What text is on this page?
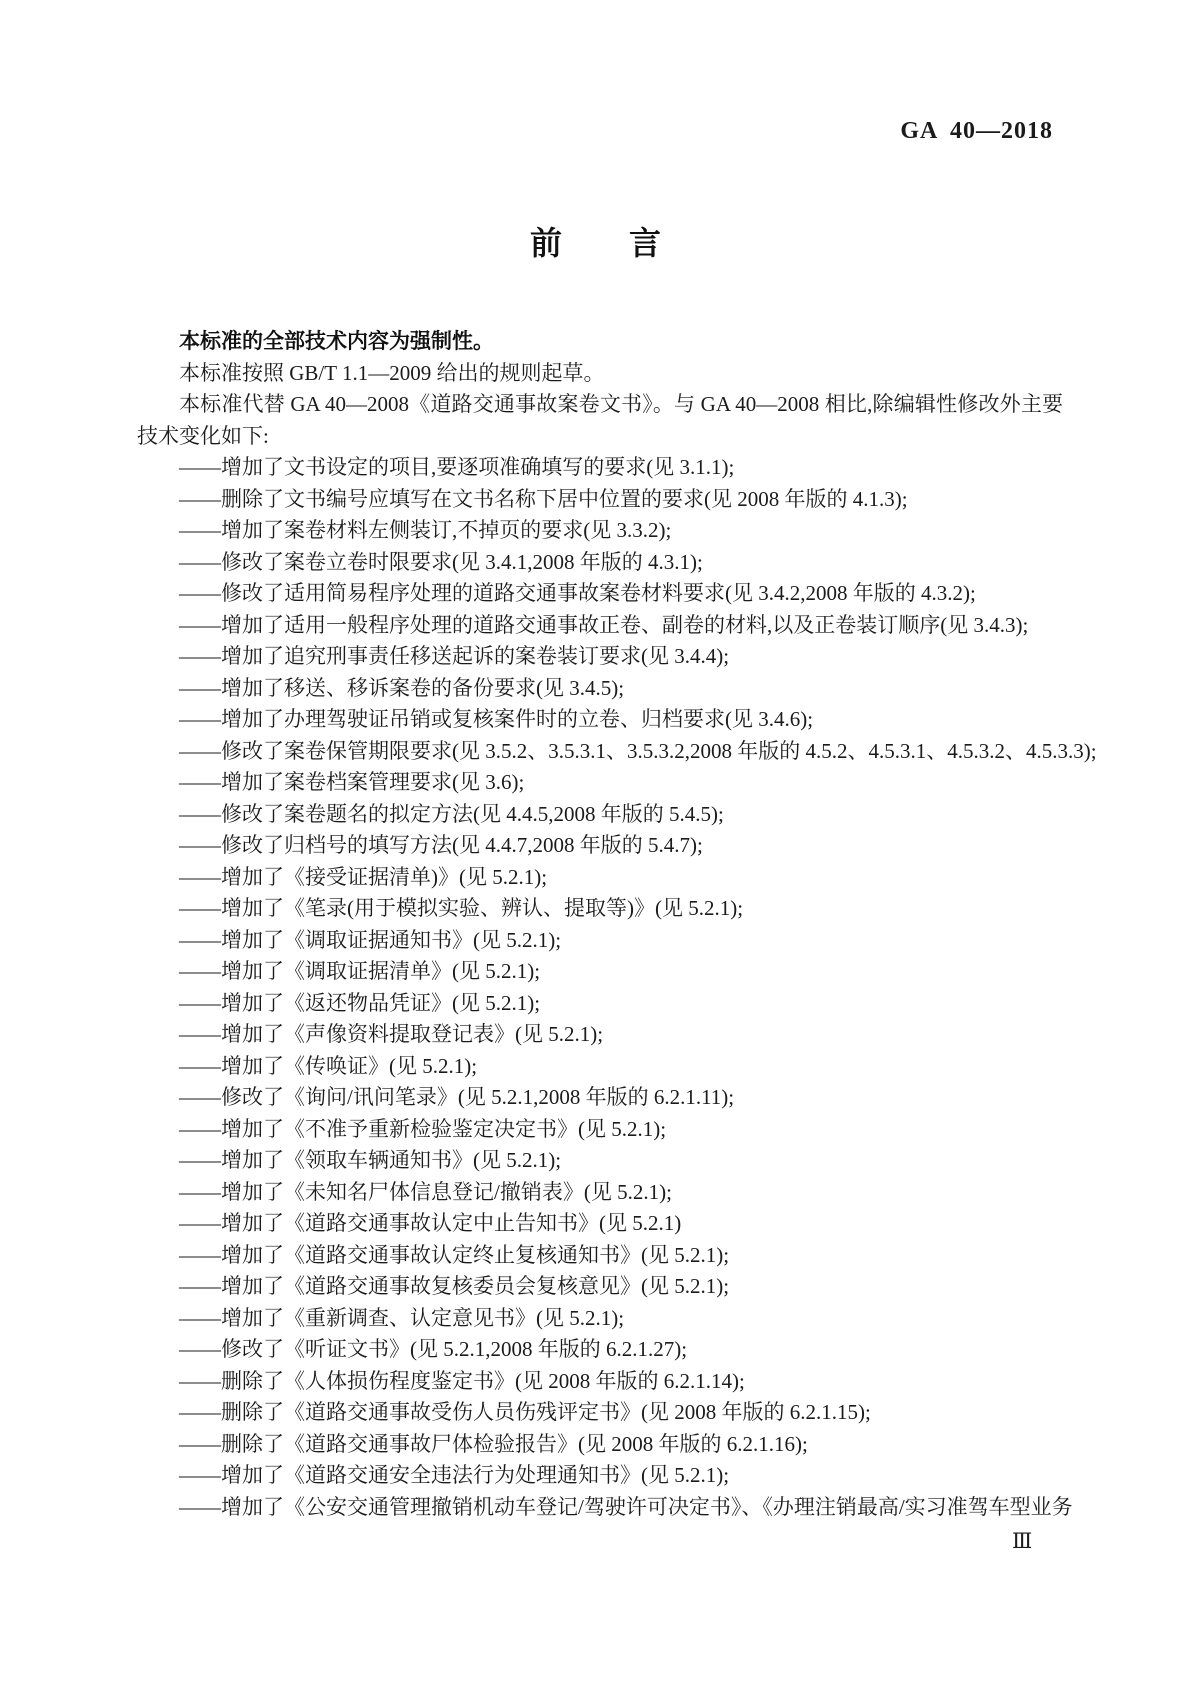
GA 40—2018
前 言

本标准的全部技术内容为强制性。

本标准按照 GB/T 1.1—2009 给出的规则起草。

本标准代替 GA 40—2008《道路交通事故案卷文书》。与 GA 40—2008 相比,除编辑性修改外主要技术变化如下:

——增加了文书设定的项目,要逐项准确填写的要求(见 3.1.1);
——删除了文书编号应填写在文书名称下居中位置的要求(见 2008 年版的 4.1.3);
——增加了案卷材料左侧装订,不掉页的要求(见 3.3.2);
——修改了案卷立卷时限要求(见 3.4.1,2008 年版的 4.3.1);
——修改了适用简易程序处理的道路交通事故案卷材料要求(见 3.4.2,2008 年版的 4.3.2);
——增加了适用一般程序处理的道路交通事故正卷、副卷的材料,以及正卷装订顺序(见 3.4.3);
——增加了追究刑事责任移送起诉的案卷装订要求(见 3.4.4);
——增加了移送、移诉案卷的备份要求(见 3.4.5);
——增加了办理驾驶证吊销或复核案件时的立卷、归档要求(见 3.4.6);
——修改了案卷保管期限要求(见 3.5.2、3.5.3.1、3.5.3.2,2008 年版的 4.5.2、4.5.3.1、4.5.3.2、4.5.3.3);
——增加了案卷档案管理要求(见 3.6);
——修改了案卷题名的拟定方法(见 4.4.5,2008 年版的 5.4.5);
——修改了归档号的填写方法(见 4.4.7,2008 年版的 5.4.7);
——增加了《接受证据清单)》(见 5.2.1);
——增加了《笔录(用于模拟实验、辨认、提取等)》(见 5.2.1);
——增加了《调取证据通知书》(见 5.2.1);
——增加了《调取证据清单》(见 5.2.1);
——增加了《返还物品凭证》(见 5.2.1);
——增加了《声像资料提取登记表》(见 5.2.1);
——增加了《传唤证》(见 5.2.1);
——修改了《询问/讯问笔录》(见 5.2.1,2008 年版的 6.2.1.11);
——增加了《不准予重新检验鉴定决定书》(见 5.2.1);
——增加了《领取车辆通知书》(见 5.2.1);
——增加了《未知名尸体信息登记/撤销表》(见 5.2.1);
——增加了《道路交通事故认定中止告知书》(见 5.2.1)
——增加了《道路交通事故认定终止复核通知书》(见 5.2.1);
——增加了《道路交通事故复核委员会复核意见》(见 5.2.1);
——增加了《重新调查、认定意见书》(见 5.2.1);
——修改了《听证文书》(见 5.2.1,2008 年版的 6.2.1.27);
——删除了《人体损伤程度鉴定书》(见 2008 年版的 6.2.1.14);
——删除了《道路交通事故受伤人员伤残评定书》(见 2008 年版的 6.2.1.15);
——删除了《道路交通事故尸体检验报告》(见 2008 年版的 6.2.1.16);
——增加了《道路交通安全违法行为处理通知书》(见 5.2.1);
——增加了《公安交通管理撤销机动车登记/驾驶许可决定书》、《办理注销最高/实习准驾车型业务
Ⅲ
